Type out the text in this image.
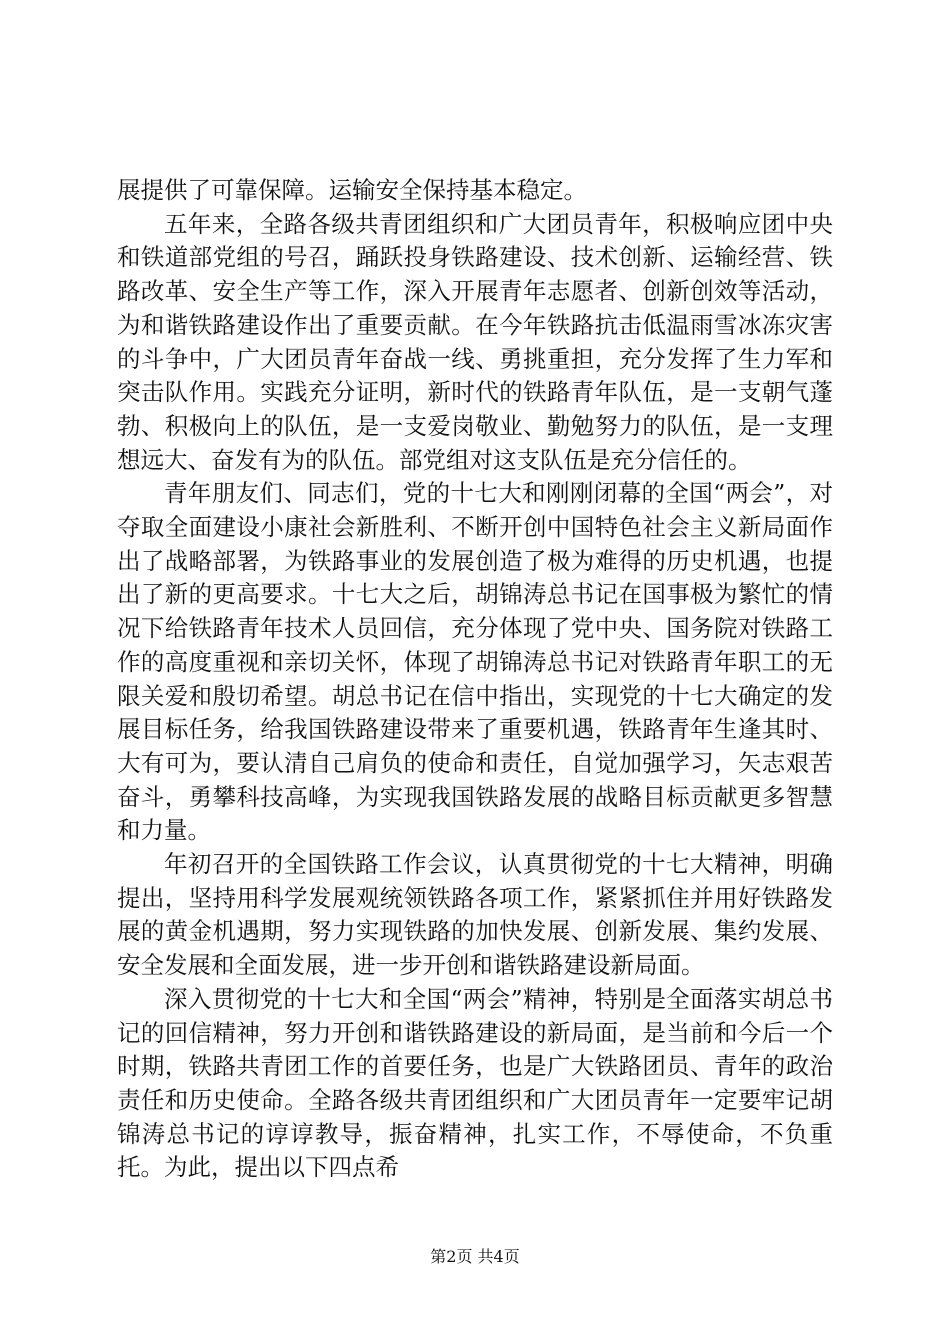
展提供了可靠保障。运输安全保持基本稳定。

五年来，全路各级共青团组织和广大团员青年，积极响应团中央和铁道部党组的号召，踊跃投身铁路建设、技术创新、运输经营、铁路改革、安全生产等工作，深入开展青年志愿者、创新创效等活动，为和谐铁路建设作出了重要贡献。在今年铁路抗击低温雨雪冰冻灾害的斗争中，广大团员青年奋战一线、勇挑重担，充分发挥了生力军和突击队作用。实践充分证明，新时代的铁路青年队伍，是一支朝气蓬勃、积极向上的队伍，是一支爱岗敬业、勤勉努力的队伍，是一支理想远大、奋发有为的队伍。部党组对这支队伍是充分信任的。

青年朋友们、同志们，党的十七大和刚刚闭幕的全国“两会”，对夺取全面建设小康社会新胜利、不断开创中国特色社会主义新局面作出了战略部署，为铁路事业的发展创造了极为难得的历史机遇，也提出了新的更高要求。十七大之后，胡锦涛总书记在国事极为繁忙的情况下给铁路青年技术人员回信，充分体现了党中央、国务院对铁路工作的高度重视和亲切关怀，体现了胡锦涛总书记对铁路青年职工的无限关爱和殷切希望。胡总书记在信中指出，实现党的十七大确定的发展目标任务，给我国铁路建设带来了重要机遇，铁路青年生逢其时、大有可为，要认清自己肩负的使命和责任，自觉加强学习，矢志艰苦奋斗，勇攀科技高峰，为实现我国铁路发展的战略目标贡献更多智慧和力量。

年初召开的全国铁路工作会议，认真贯彻党的十七大精神，明确提出，坚持用科学发展观统领铁路各项工作，紧紧抓住并用好铁路发展的黄金机遇期，努力实现铁路的加快发展、创新发展、集约发展、安全发展和全面发展，进一步开创和谐铁路建设新局面。

深入贯彻党的十七大和全国“两会”精神，特别是全面落实胡总书记的回信精神，努力开创和谐铁路建设的新局面，是当前和今后一个时期，铁路共青团工作的首要任务，也是广大铁路团员、青年的政治责任和历史使命。全路各级共青团组织和广大团员青年一定要牢记胡锦涛总书记的谆谆教导，振奋精神，扎实工作，不辱使命，不负重托。为此，提出以下四点希

第2页 共4页
